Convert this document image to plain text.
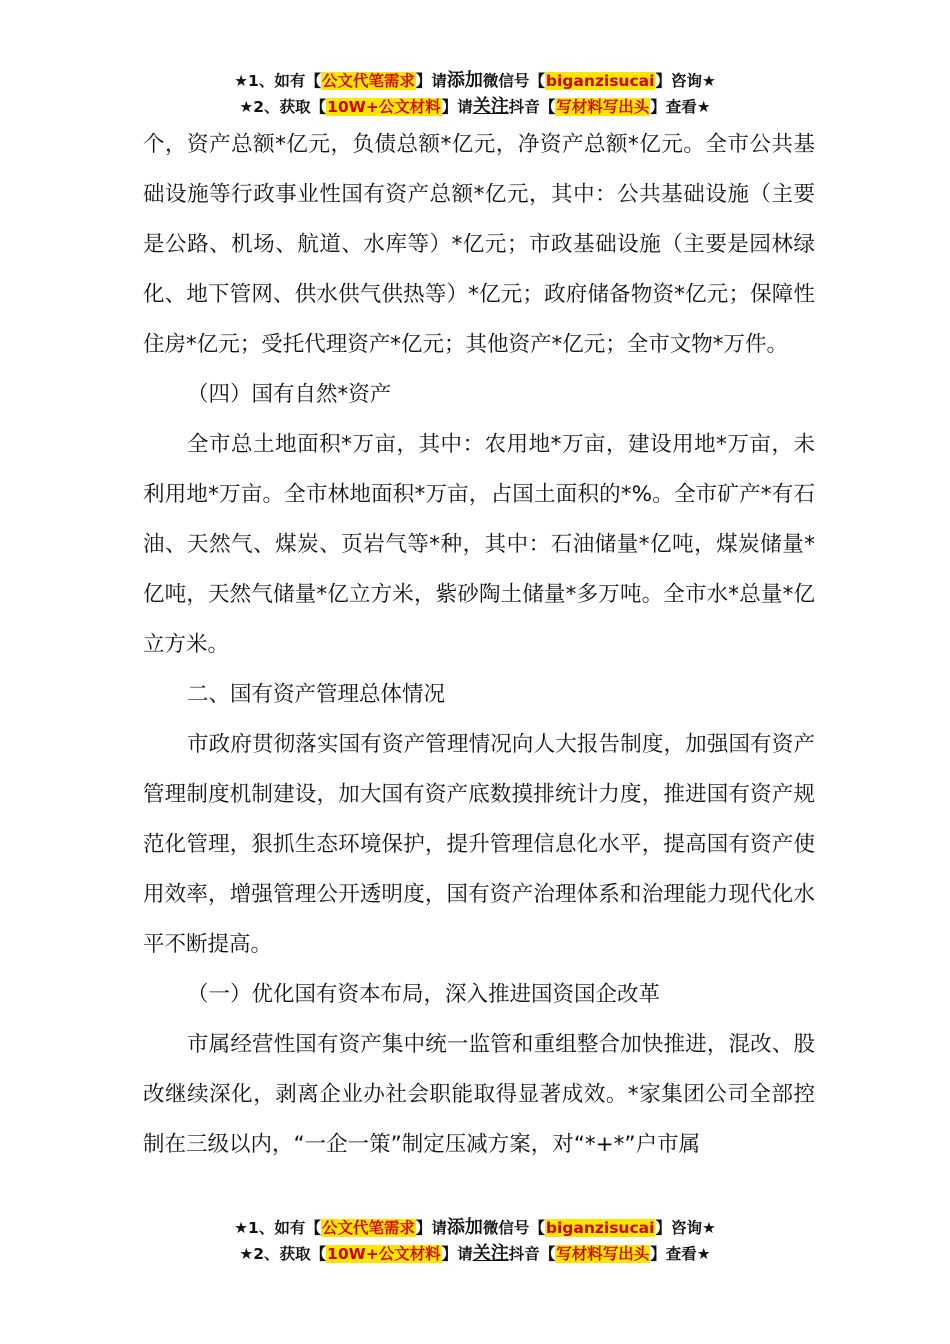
★1、如有【公文代笔需求】请添加微信号【biganzisucai】咨询★
★2、获取【10W+公文材料】请关注抖音【写材料写出头】查看★

个，资产总额*亿元，负债总额*亿元，净资产总额*亿元。全市公共基础设施等行政事业性国有资产总额*亿元，其中：公共基础设施（主要是公路、机场、航道、水库等）*亿元；市政基础设施（主要是园林绿化、地下管网、供水供气供热等）*亿元；政府储备物资*亿元；保障性住房*亿元；受托代理资产*亿元；其他资产*亿元；全市文物*万件。

（四）国有自然*资产

全市总土地面积*万亩，其中：农用地*万亩，建设用地*万亩，未利用地*万亩。全市林地面积*万亩，占国土面积的*%。全市矿产*有石油、天然气、煤炭、页岩气等*种，其中：石油储量*亿吨，煤炭储量*亿吨，天然气储量*亿立方米，紫砂陶土储量*多万吨。全市水*总量*亿立方米。

二、国有资产管理总体情况

市政府贯彻落实国有资产管理情况向人大报告制度，加强国有资产管理制度机制建设，加大国有资产底数摸排统计力度，推进国有资产规范化管理，狠抓生态环境保护，提升管理信息化水平，提高国有资产使用效率，增强管理公开透明度，国有资产治理体系和治理能力现代化水平不断提高。

（一）优化国有资本布局，深入推进国资国企改革

市属经营性国有资产集中统一监管和重组整合加快推进，混改、股改继续深化，剥离企业办社会职能取得显著成效。*家集团公司全部控制在三级以内，“一企一策”制定压减方案，对“*+*”户市属

★1、如有【公文代笔需求】请添加微信号【biganzisucai】咨询★
★2、获取【10W+公文材料】请关注抖音【写材料写出头】查看★
